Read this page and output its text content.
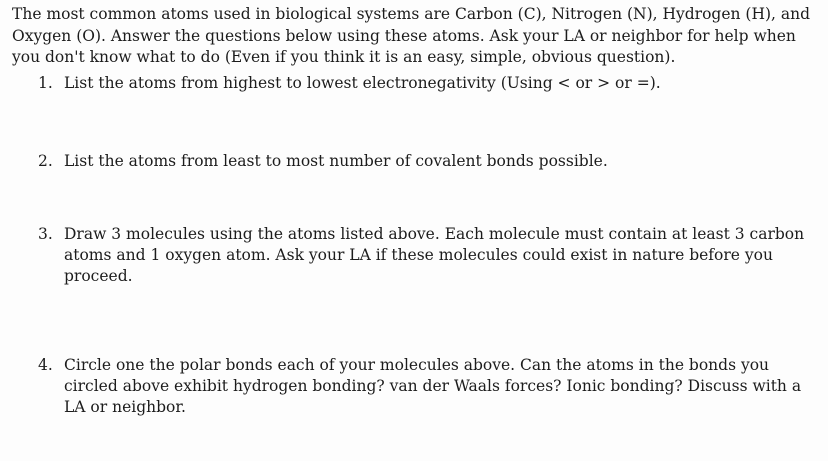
The most common atoms used in biological systems are Carbon (C), Nitrogen (N), Hydrogen (H), and Oxygen (O). Answer the questions below using these atoms. Ask your LA or neighbor for help when you don't know what to do (Even if you think it is an easy, simple, obvious question).

1. List the atoms from highest to lowest electronegativity (Using < or > or =).
2. List the atoms from least to most number of covalent bonds possible.
3. Draw 3 molecules using the atoms listed above. Each molecule must contain at least 3 carbon atoms and 1 oxygen atom. Ask your LA if these molecules could exist in nature before you proceed.
4. Circle one the polar bonds each of your molecules above. Can the atoms in the bonds you circled above exhibit hydrogen bonding? van der Waals forces? Ionic bonding? Discuss with a LA or neighbor.
